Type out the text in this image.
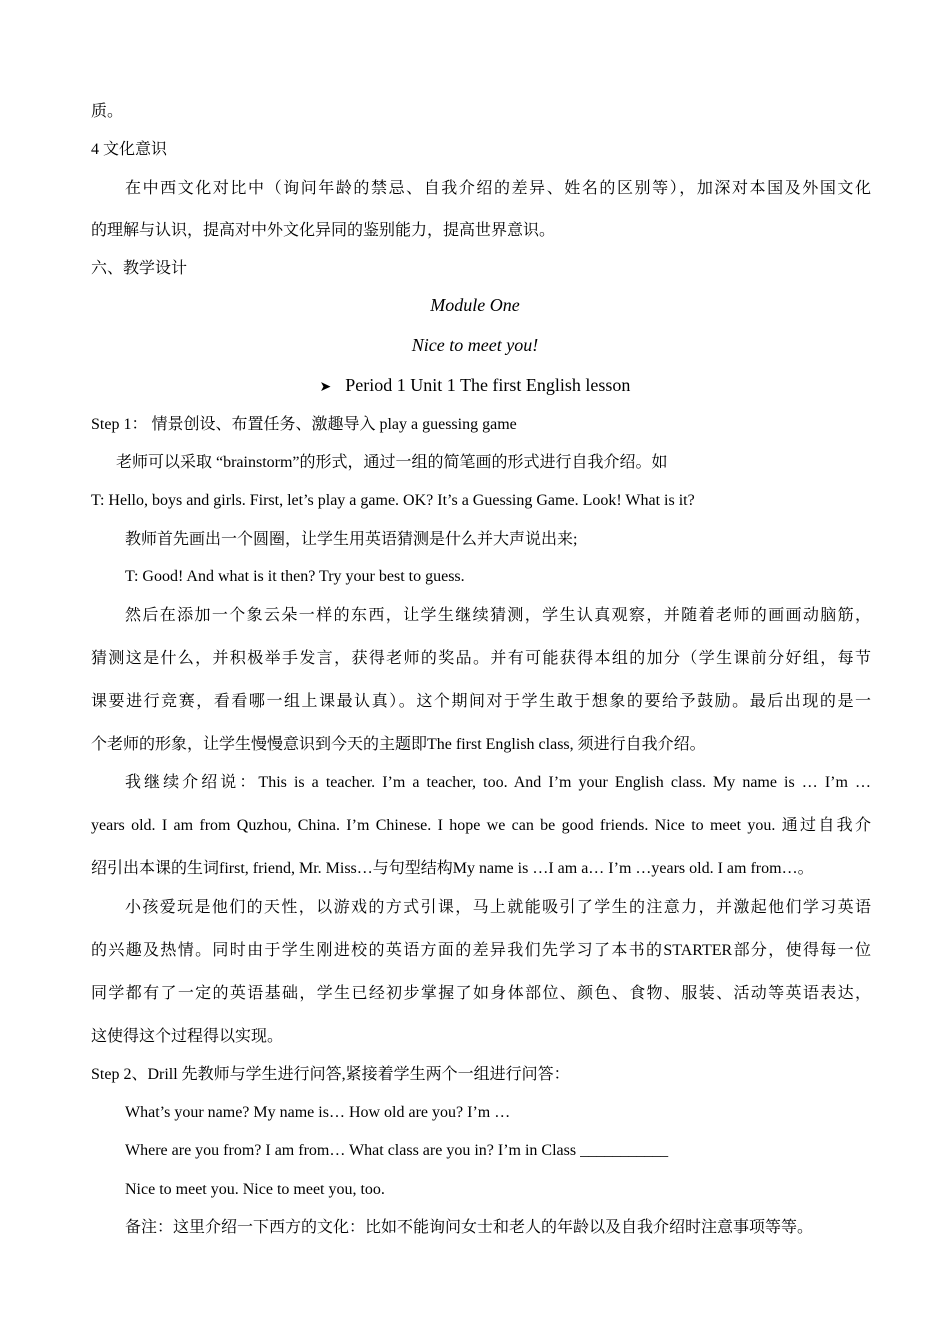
质。
4 文化意识
在中西文化对比中（询问年龄的禁忌、自我介绍的差异、姓名的区别等），加深对本国及外国文化
的理解与认识，提高对中外文化异同的鉴别能力，提高世界意识。
六、教学设计
Module One
Nice to meet you!
➤ Period 1 Unit 1 The first English lesson
Step 1： 情景创设、布置任务、激趣导入 play a guessing game
老师可以采取 “brainstorm”的形式，通过一组的简笔画的形式进行自我介绍。如
T: Hello, boys and girls. First, let’s play a game. OK? It’s a Guessing Game. Look! What is it?
教师首先画出一个圆圈，让学生用英语猜测是什么并大声说出来;
T: Good! And what is it then? Try your best to guess.
然后在添加一个象云朵一样的东西，让学生继续猜测，学生认真观察，并随着老师的画画动脑筋，
猜测这是什么，并积极举手发言，获得老师的奖品。并有可能获得本组的加分（学生课前分好组，每节
课要进行竞赛，看看哪一组上课最认真）。这个期间对于学生敢于想象的要给予鼓励。最后出现的是一
个老师的形象，让学生慢慢意识到今天的主题即The first English class, 须进行自我介绍。
我继续介绍说：This is a teacher. I’m a teacher, too. And I’m your English class. My name is … I’m …
years old. I am from Quzhou, China. I’m Chinese. I hope we can be good friends. Nice to meet you. 通过自我介
绍引出本课的生词first, friend, Mr. Miss…与句型结构My name is …I am a… I’m …years old. I am from…。
小孩爱玩是他们的天性，以游戏的方式引课，马上就能吸引了学生的注意力，并激起他们学习英语
的兴趣及热情。同时由于学生刚进校的英语方面的差异我们先学习了本书的STARTER部分，使得每一位
同学都有了一定的英语基础，学生已经初步掌握了如身体部位、颜色、食物、服装、活动等英语表达，
这使得这个过程得以实现。
Step 2、Drill 先教师与学生进行问答,紧接着学生两个一组进行问答：
What’s your name? My name is… How old are you? I’m …
Where are you from? I am from… What class are you in? I’m in Class ___________
Nice to meet you. Nice to meet you, too.
备注：这里介绍一下西方的文化：比如不能询问女士和老人的年龄以及自我介绍时注意事项等等。
